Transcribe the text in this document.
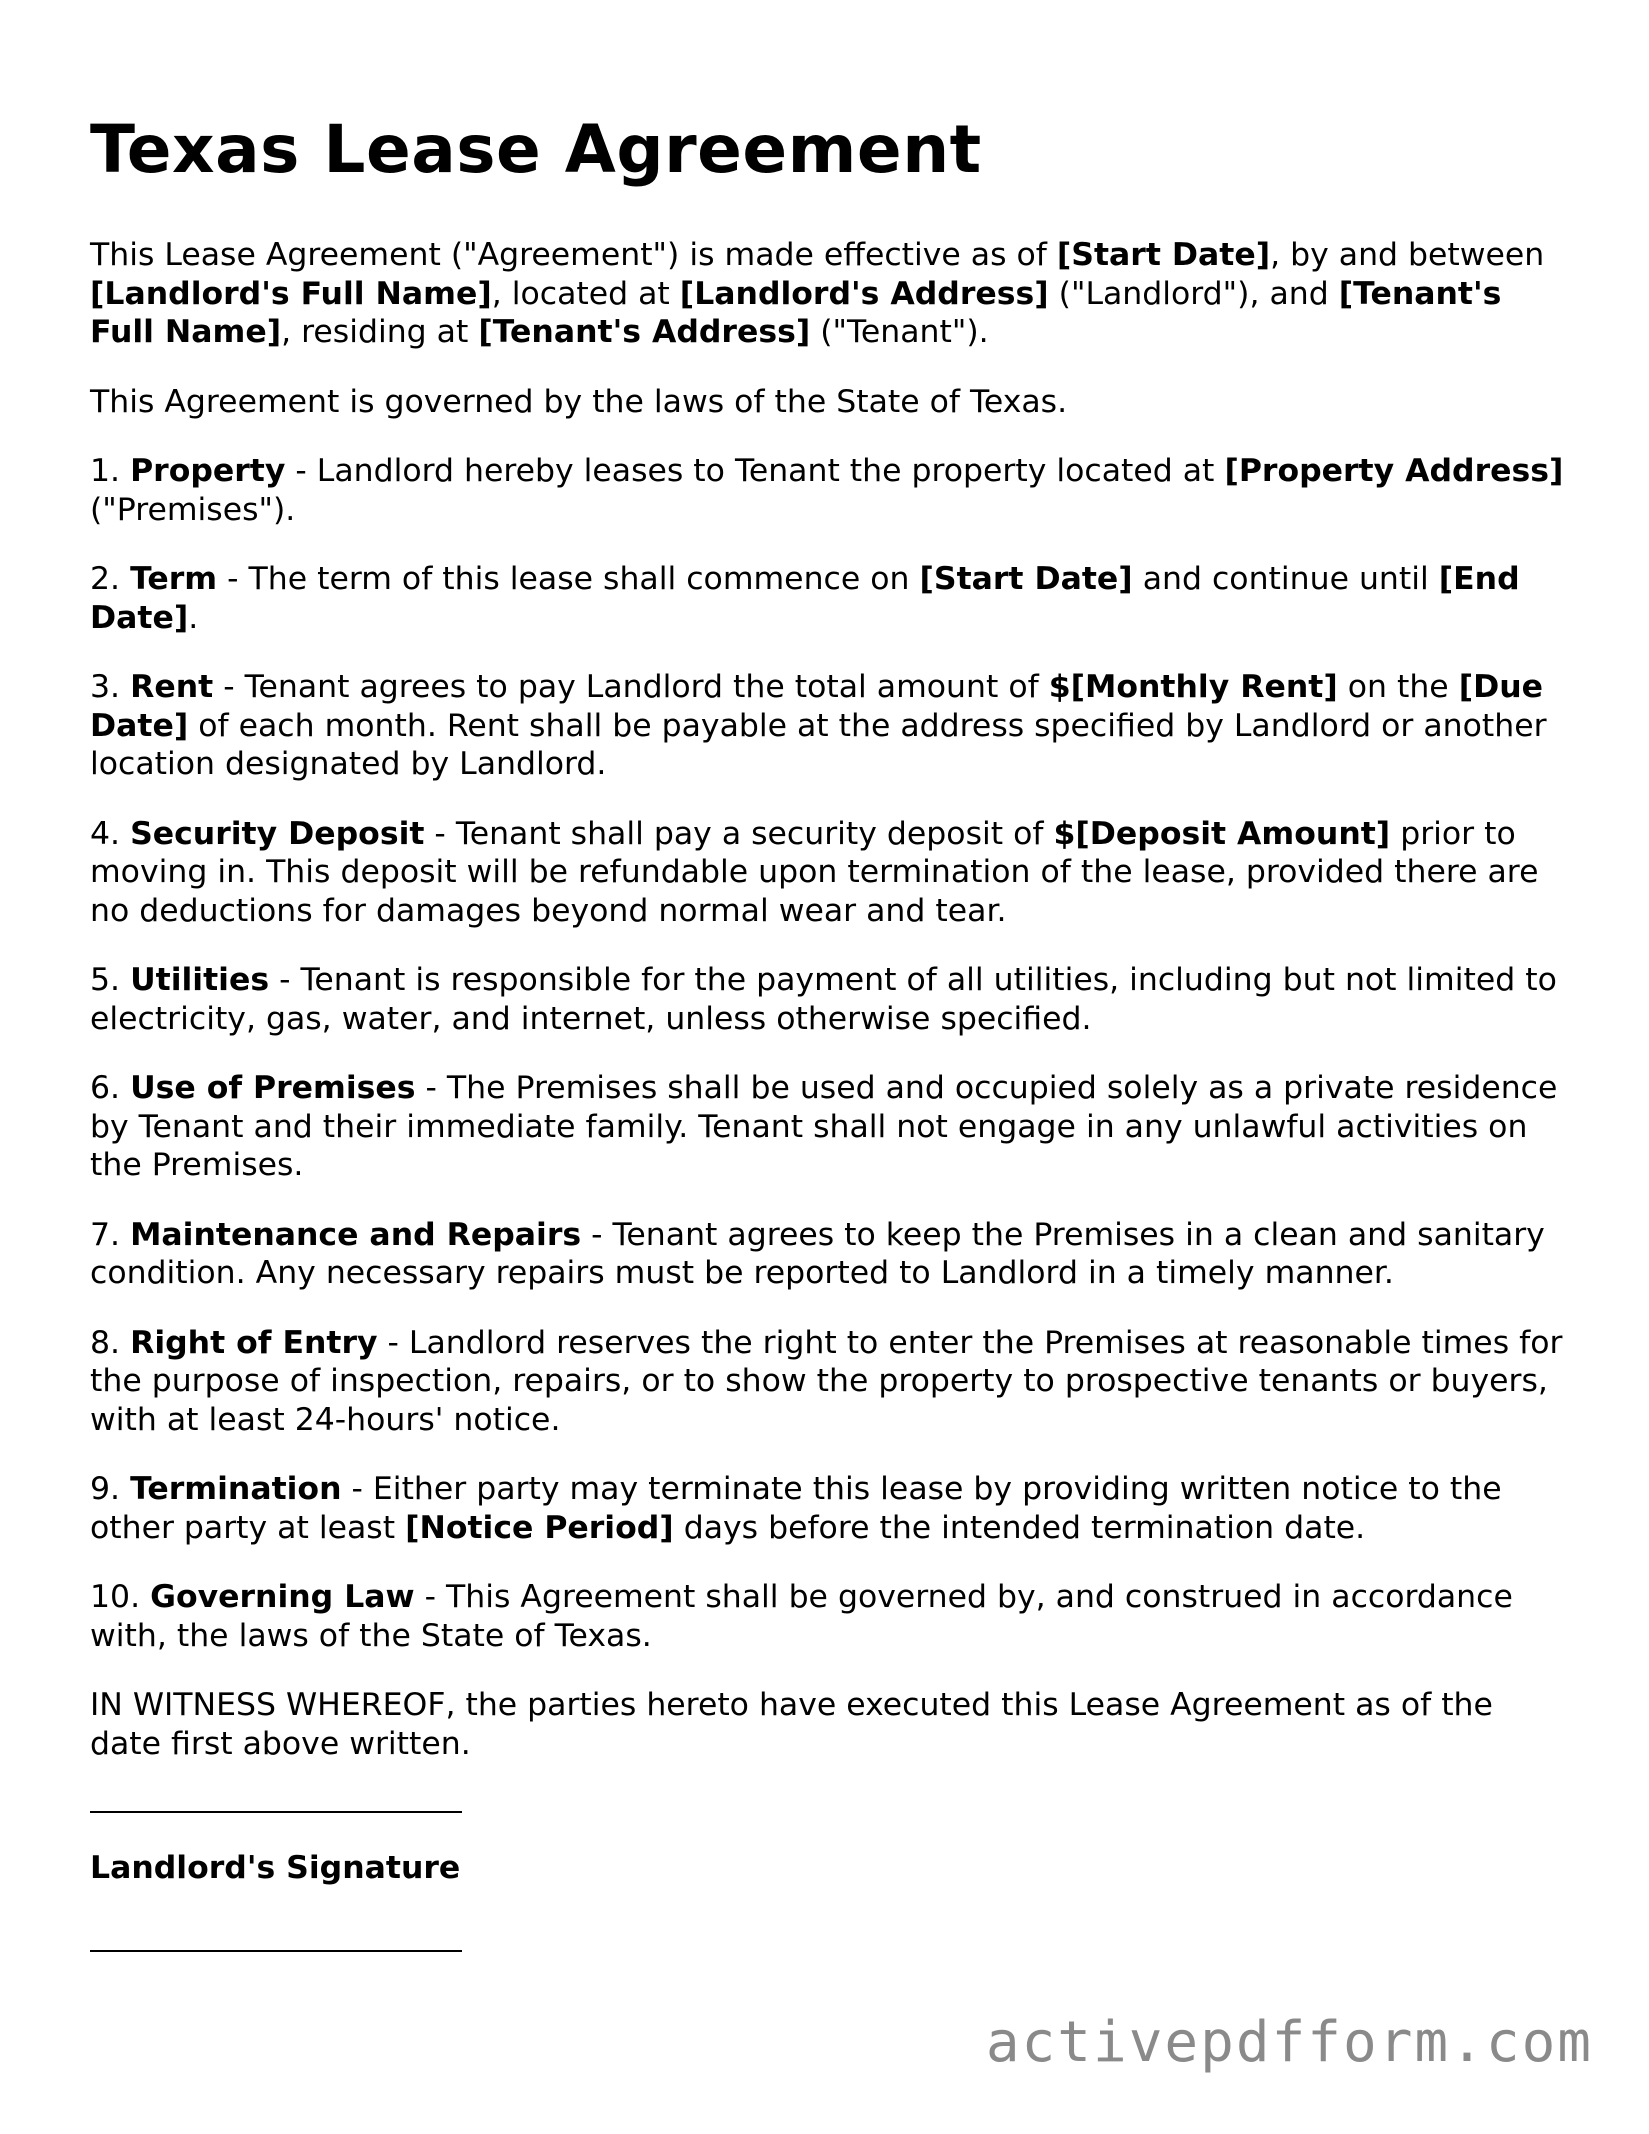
Texas Lease Agreement

This Lease Agreement ("Agreement") is made effective as of [Start Date], by and between [Landlord's Full Name], located at [Landlord's Address] ("Landlord"), and [Tenant's Full Name], residing at [Tenant's Address] ("Tenant").

This Agreement is governed by the laws of the State of Texas.

1. Property - Landlord hereby leases to Tenant the property located at [Property Address] ("Premises").

2. Term - The term of this lease shall commence on [Start Date] and continue until [End Date].

3. Rent - Tenant agrees to pay Landlord the total amount of $[Monthly Rent] on the [Due Date] of each month. Rent shall be payable at the address specified by Landlord or another location designated by Landlord.

4. Security Deposit - Tenant shall pay a security deposit of $[Deposit Amount] prior to moving in. This deposit will be refundable upon termination of the lease, provided there are no deductions for damages beyond normal wear and tear.

5. Utilities - Tenant is responsible for the payment of all utilities, including but not limited to electricity, gas, water, and internet, unless otherwise specified.

6. Use of Premises - The Premises shall be used and occupied solely as a private residence by Tenant and their immediate family. Tenant shall not engage in any unlawful activities on the Premises.

7. Maintenance and Repairs - Tenant agrees to keep the Premises in a clean and sanitary condition. Any necessary repairs must be reported to Landlord in a timely manner.

8. Right of Entry - Landlord reserves the right to enter the Premises at reasonable times for the purpose of inspection, repairs, or to show the property to prospective tenants or buyers, with at least 24-hours' notice.

9. Termination - Either party may terminate this lease by providing written notice to the other party at least [Notice Period] days before the intended termination date.

10. Governing Law - This Agreement shall be governed by, and construed in accordance with, the laws of the State of Texas.

IN WITNESS WHEREOF, the parties hereto have executed this Lease Agreement as of the date first above written.

Landlord's Signature
activepdfform.com
